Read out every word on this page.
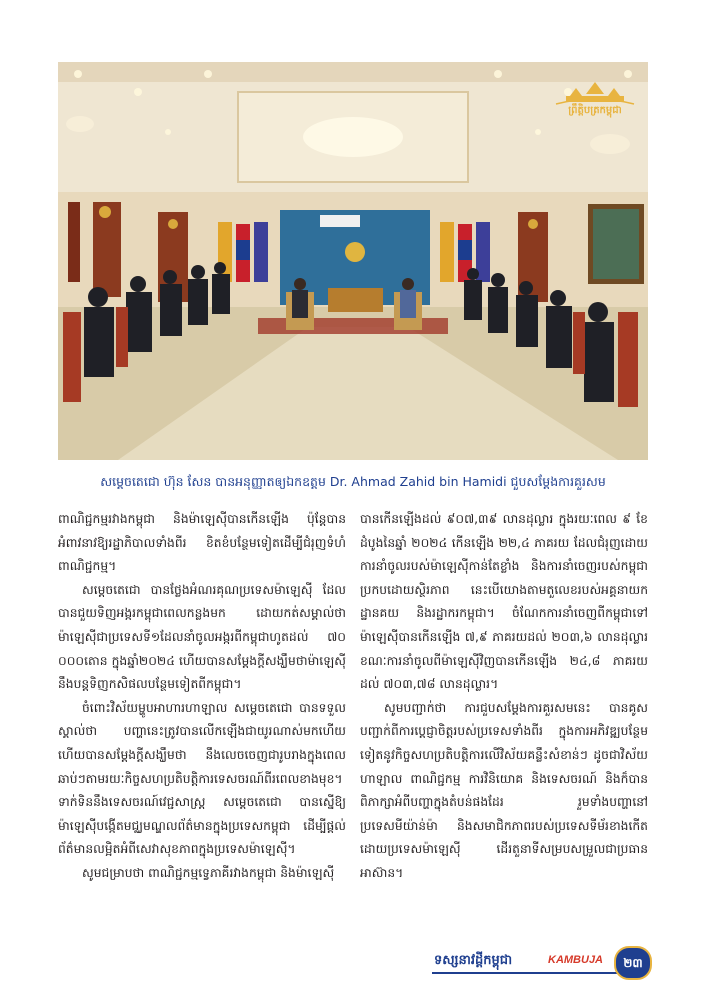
ព្រឹត្តិបត្រកម្ពុជា
សម្តេចតេជោ ហ៊ុន សែន បានអនុញ្ញាតឲ្យឯកឧត្តម Dr. Ahmad Zahid bin Hamidi ជួបសម្តែងការគួរសម

ពាណិជ្ជកម្មរវាងកម្ពុជា និងម៉ាឡេស៊ីបានកើនឡើង ប៉ុន្តែបានអំពាវនាវឱ្យរដ្ឋាភិបាលទាំងពីរ ខិតខំបន្ថែមទៀតដើម្បីជំរុញទំហំពាណិជ្ជកម្ម។

សម្តេចតេជោ បានថ្លែងអំណរគុណប្រទេសម៉ាឡេស៊ី ដែលបានជួយទិញអង្ករកម្ពុជាពេលកន្លងមក ដោយកត់សម្គាល់ថាម៉ាឡេស៊ីជាប្រទេសទី១ដែលនាំចូលអង្ករពីកម្ពុជាហូតដល់ ៧០ ០០០តោន ក្នុងឆ្នាំ២០២៤ ហើយបានសម្តែងក្តីសង្ឃឹមថាម៉ាឡេស៊ីនឹងបន្តទិញកសិផលបន្ថែមទៀតពីកម្ពុជា។

ចំពោះវិស័យម្ហូបអាហារហាឡាល សម្តេចតេជោ បានទទួលស្គាល់ថា បញ្ហានេះត្រូវបានលើកឡើងជាយូរណាស់មកហើយ ហើយបានសម្តែងក្តីសង្ឃឹមថា នឹងលេចចេញជារូបរាងក្នុងពេលឆាប់ៗតាមរយៈកិច្ចសហប្រតិបត្តិការទេសចរណ៍ពីរពេលខាងមុខ។ ទាក់ទិននឹងទេសចរណ៍វេជ្ជសាស្ត្រ សម្តេចតេជោ បានស្នើឱ្យម៉ាឡេស៊ីបង្កើតមជ្ឈមណ្ឌលព័ត៌មានក្នុងប្រទេសកម្ពុជា ដើម្បីផ្តល់ព័ត៌មានលម្អិតអំពីសេវាសុខភាពក្នុងប្រទេសម៉ាឡេស៊ី។

សូមជម្រាបថា ពាណិជ្ជកម្មទ្វេភាគីរវាងកម្ពុជា និងម៉ាឡេស៊ី

បានកើនឡើងដល់ ៩០៧,៣៩ លានដុល្លារ ក្នុងរយៈពេល ៩ ខែដំបូងនៃឆ្នាំ ២០២៤ កើនឡើង ២២,៤ ភាគរយ ដែលជំរុញដោយការនាំចូលរបស់ម៉ាឡេស៊ីកាន់តែខ្លាំង និងការនាំចេញរបស់កម្ពុជាប្រកបដោយស្ថិរភាព នេះបើយោងតាមតួលេខរបស់អគ្គនាយកដ្ឋានគយ និងរដ្ឋាករកម្ពុជា។ ចំណែកការនាំចេញពីកម្ពុជាទៅម៉ាឡេស៊ីបានកើនឡើង ៧,៩ ភាគរយដល់ ២០៣,៦ លានដុល្លារ ខណៈការនាំចូលពីម៉ាឡេស៊ីវិញបានកើនឡើង ២៤,៨ ភាគរយដល់ ៧០៣,៧៨ លានដុល្លារ។

សូមបញ្ជាក់ថា ការជួបសម្តែងការគួរសមនេះ បានគូសបញ្ជាក់ពីការប្តេជ្ញាចិត្តរបស់ប្រទេសទាំងពីរ ក្នុងការអភិវឌ្ឍបន្ថែមទៀតនូវកិច្ចសហប្រតិបត្តិការលើវិស័យគន្លឹះសំខាន់ៗ ដូចជាវិស័យហាឡាល ពាណិជ្ជកម្ម ការវិនិយោគ និងទេសចរណ៍ និងក៏បានពិភាក្សាអំពីបញ្ហាក្នុងតំបន់ផងដែរ រួមទាំងបញ្ហានៅប្រទេសមីយ៉ាន់ម៉ា និងសមាជិកភាពរបស់ប្រទេសទីម័រខាងកើតដោយប្រទេសម៉ាឡេស៊ី ដើរតួនាទីសម្របសម្រួលជាប្រធានអាស៊ាន។

ទស្សនាវដ្តីកម្ពុជា	KAMBUJA	២៣
